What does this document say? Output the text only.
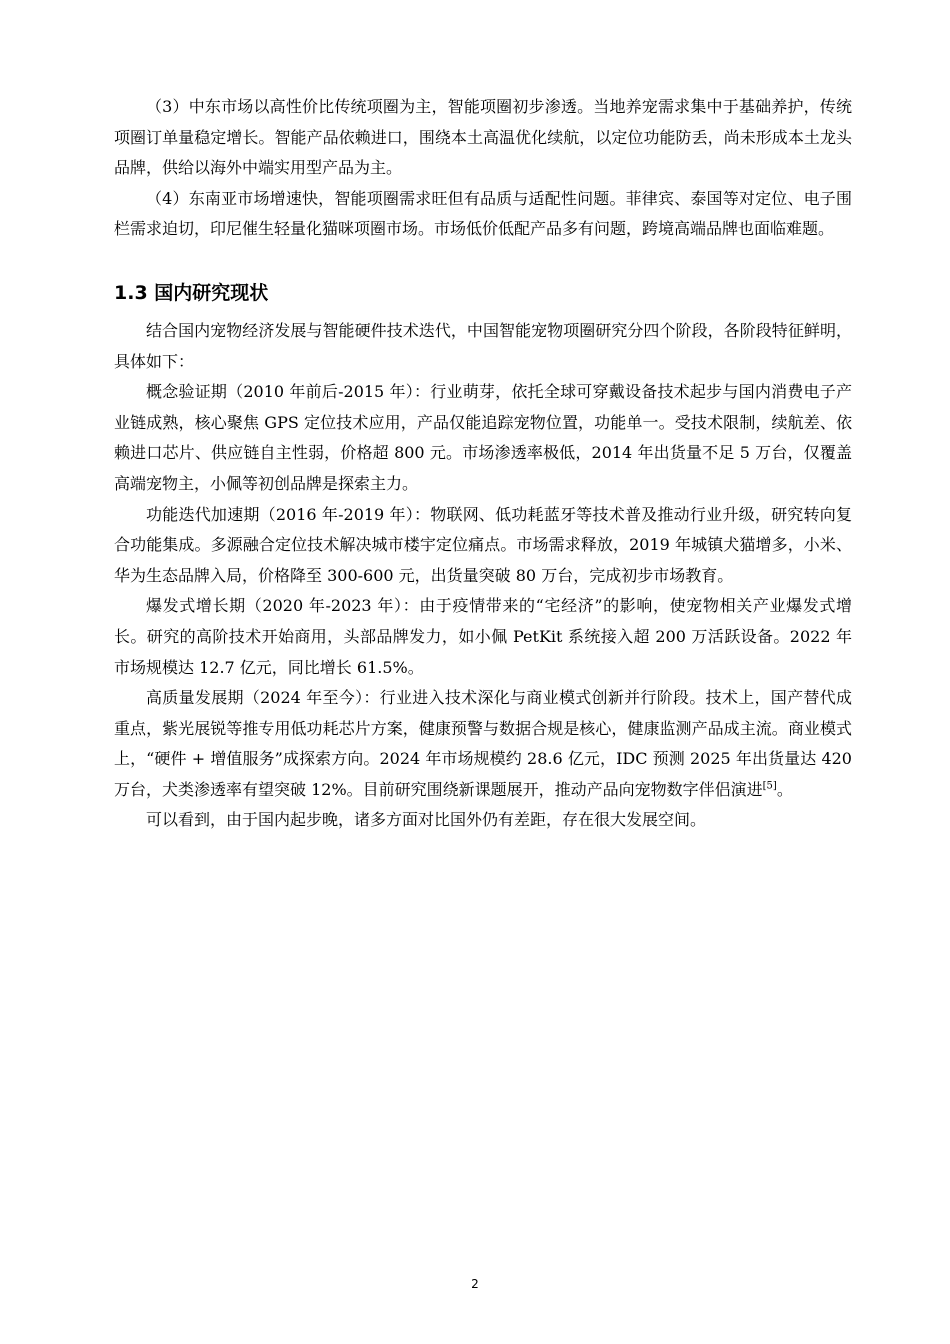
（3）中东市场以高性价比传统项圈为主，智能项圈初步渗透。当地养宠需求集中于基础养护，传统项圈订单量稳定增长。智能产品依赖进口，围绕本土高温优化续航，以定位功能防丢，尚未形成本土龙头品牌，供给以海外中端实用型产品为主。

（4）东南亚市场增速快，智能项圈需求旺但有品质与适配性问题。菲律宾、泰国等对定位、电子围栏需求迫切，印尼催生轻量化猫咪项圈市场。市场低价低配产品多有问题，跨境高端品牌也面临难题。

1.3 国内研究现状

结合国内宠物经济发展与智能硬件技术迭代，中国智能宠物项圈研究分四个阶段，各阶段特征鲜明，具体如下：

概念验证期（2010 年前后-2015 年）：行业萌芽，依托全球可穿戴设备技术起步与国内消费电子产业链成熟，核心聚焦 GPS 定位技术应用，产品仅能追踪宠物位置，功能单一。受技术限制，续航差、依赖进口芯片、供应链自主性弱，价格超 800 元。市场渗透率极低，2014 年出货量不足 5 万台，仅覆盖高端宠物主，小佩等初创品牌是探索主力。

功能迭代加速期（2016 年-2019 年）：物联网、低功耗蓝牙等技术普及推动行业升级，研究转向复合功能集成。多源融合定位技术解决城市楼宇定位痛点。市场需求释放，2019 年城镇犬猫增多，小米、华为生态品牌入局，价格降至 300-600 元，出货量突破 80 万台，完成初步市场教育。

爆发式增长期（2020 年-2023 年）：由于疫情带来的“宅经济”的影响，使宠物相关产业爆发式增长。研究的高阶技术开始商用，头部品牌发力，如小佩 PetKit 系统接入超 200 万活跃设备。2022 年市场规模达 12.7 亿元，同比增长 61.5%。

高质量发展期（2024 年至今）：行业进入技术深化与商业模式创新并行阶段。技术上，国产替代成重点，紫光展锐等推专用低功耗芯片方案，健康预警与数据合规是核心，健康监测产品成主流。商业模式上，“硬件 + 增值服务”成探索方向。2024 年市场规模约 28.6 亿元，IDC 预测 2025 年出货量达 420 万台，犬类渗透率有望突破 12%。目前研究围绕新课题展开，推动产品向宠物数字伴侣演进[5]。

可以看到，由于国内起步晚，诸多方面对比国外仍有差距，存在很大发展空间。

2
